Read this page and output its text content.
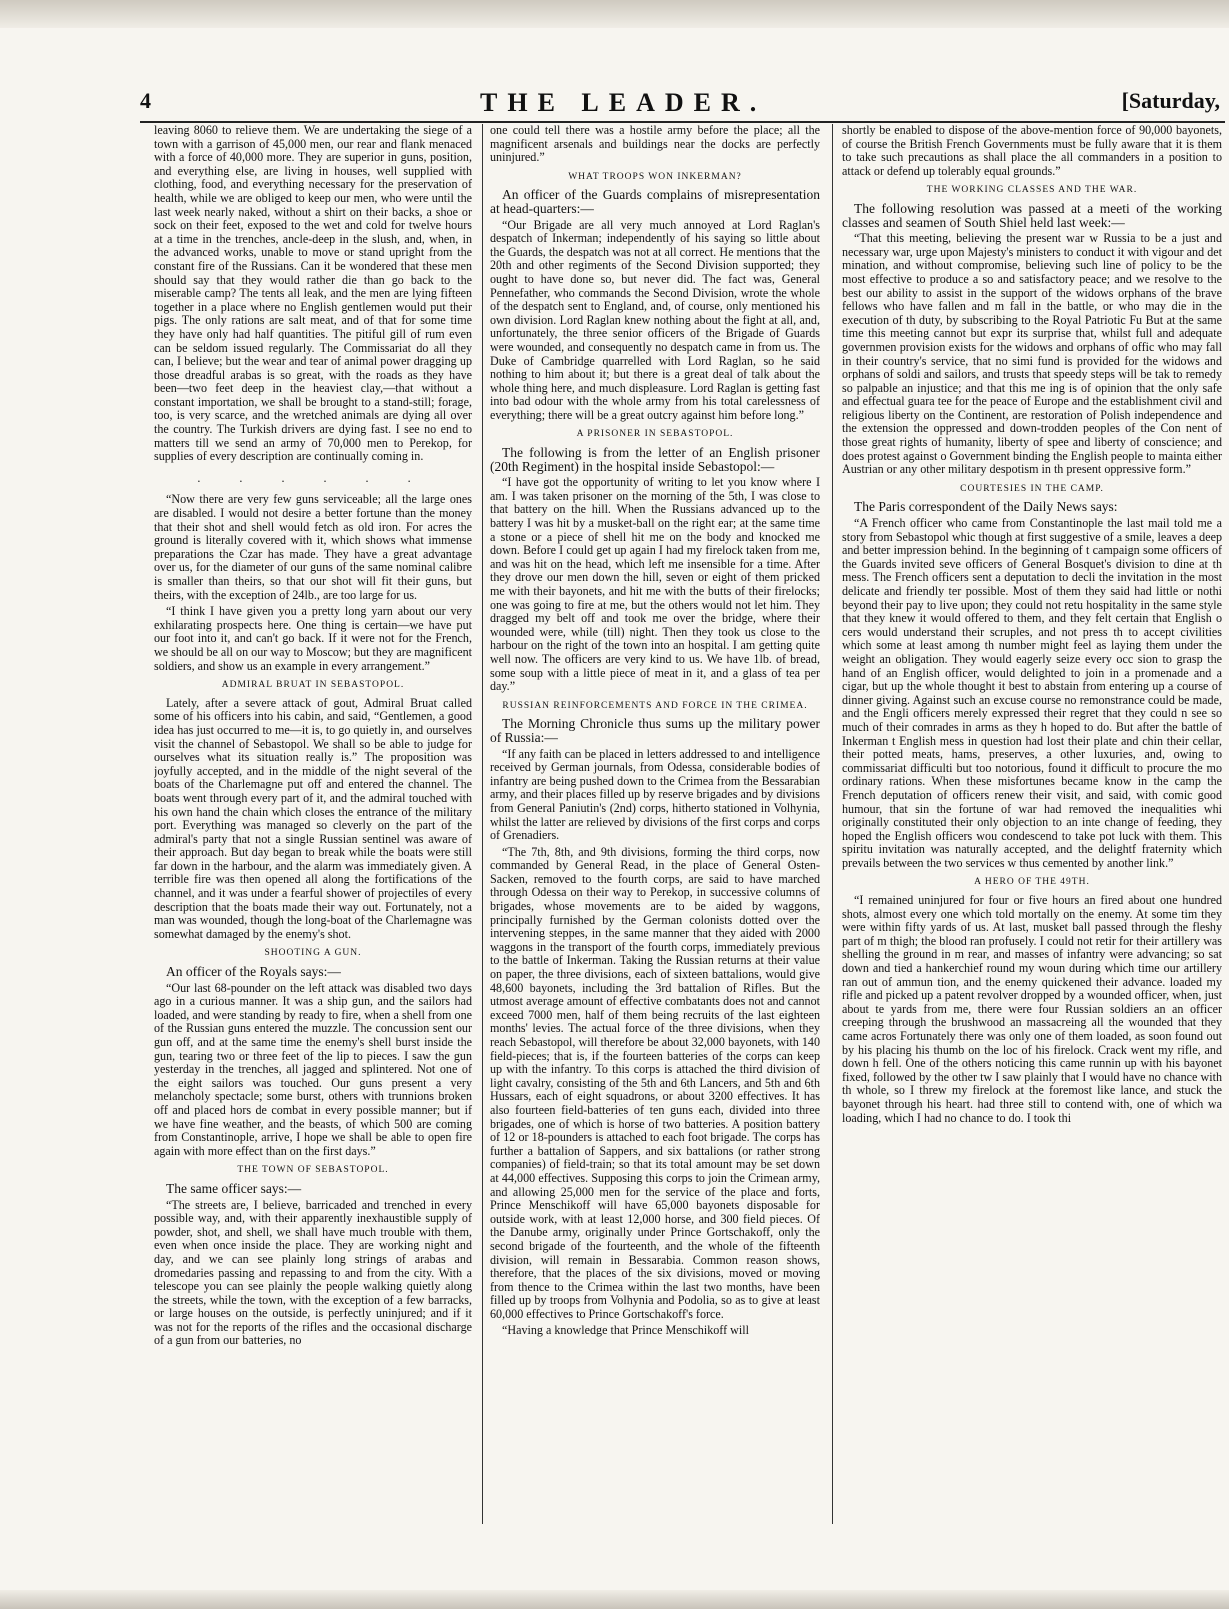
4	THE LEADER.	[Saturday,

leaving 8060 to relieve them. We are undertaking the siege of a town with a garrison of 45,000 men, our rear and flank menaced with a force of 40,000 more. They are superior in guns, position, and everything else, are living in houses, well supplied with clothing, food, and everything necessary for the preservation of health, while we are obliged to keep our men, who were until the last week nearly naked, without a shirt on their backs, a shoe or sock on their feet, exposed to the wet and cold for twelve hours at a time in the trenches, ancle-deep in the slush, and, when, in the advanced works, unable to move or stand upright from the constant fire of the Russians. Can it be wondered that these men should say that they would rather die than go back to the miserable camp? The tents all leak, and the men are lying fifteen together in a place where no English gentlemen would put their pigs. The only rations are salt meat, and of that for some time they have only had half quantities. The pitiful gill of rum even can be seldom issued regularly. The Commissariat do all they can, I believe; but the wear and tear of animal power dragging up those dreadful arabas is so great, with the roads as they have been—two feet deep in the heaviest clay,—that without a constant importation, we shall be brought to a stand-still; forage, too, is very scarce, and the wretched animals are dying all over the country. The Turkish drivers are dying fast. I see no end to matters till we send an army of 70,000 men to Perekop, for supplies of every description are continually coming in.

. . . . . .

“Now there are very few guns serviceable; all the large ones are disabled. I would not desire a better fortune than the money that their shot and shell would fetch as old iron. For acres the ground is literally covered with it, which shows what immense preparations the Czar has made. They have a great advantage over us, for the diameter of our guns of the same nominal calibre is smaller than theirs, so that our shot will fit their guns, but theirs, with the exception of 24lb., are too large for us.

“I think I have given you a pretty long yarn about our very exhilarating prospects here. One thing is certain—we have put our foot into it, and can't go back. If it were not for the French, we should be all on our way to Moscow; but they are magnificent soldiers, and show us an example in every arrangement.”

ADMIRAL BRUAT IN SEBASTOPOL.

Lately, after a severe attack of gout, Admiral Bruat called some of his officers into his cabin, and said, “Gentlemen, a good idea has just occurred to me—it is, to go quietly in, and ourselves visit the channel of Sebastopol. We shall so be able to judge for ourselves what its situation really is.” The proposition was joyfully accepted, and in the middle of the night several of the boats of the Charlemagne put off and entered the channel. The boats went through every part of it, and the admiral touched with his own hand the chain which closes the entrance of the military port. Everything was managed so cleverly on the part of the admiral's party that not a single Russian sentinel was aware of their approach. But day began to break while the boats were still far down in the harbour, and the alarm was immediately given. A terrible fire was then opened all along the fortifications of the channel, and it was under a fearful shower of projectiles of every description that the boats made their way out. Fortunately, not a man was wounded, though the long-boat of the Charlemagne was somewhat damaged by the enemy's shot.

SHOOTING A GUN.

An officer of the Royals says:—

“Our last 68-pounder on the left attack was disabled two days ago in a curious manner. It was a ship gun, and the sailors had loaded, and were standing by ready to fire, when a shell from one of the Russian guns entered the muzzle. The concussion sent our gun off, and at the same time the enemy's shell burst inside the gun, tearing two or three feet of the lip to pieces. I saw the gun yesterday in the trenches, all jagged and splintered. Not one of the eight sailors was touched. Our guns present a very melancholy spectacle; some burst, others with trunnions broken off and placed hors de combat in every possible manner; but if we have fine weather, and the beasts, of which 500 are coming from Constantinople, arrive, I hope we shall be able to open fire again with more effect than on the first days.”

THE TOWN OF SEBASTOPOL.

The same officer says:—

“The streets are, I believe, barricaded and trenched in every possible way, and, with their apparently inexhaustible supply of powder, shot, and shell, we shall have much trouble with them, even when once inside the place. They are working night and day, and we can see plainly long strings of arabas and dromedaries passing and repassing to and from the city. With a telescope you can see plainly the people walking quietly along the streets, while the town, with the exception of a few barracks, or large houses on the outside, is perfectly uninjured; and if it was not for the reports of the rifles and the occasional discharge of a gun from our batteries, no

one could tell there was a hostile army before the place; all the magnificent arsenals and buildings near the docks are perfectly uninjured.”

WHAT TROOPS WON INKERMAN?

An officer of the Guards complains of misrepresentation at head-quarters:—

“Our Brigade are all very much annoyed at Lord Raglan's despatch of Inkerman; independently of his saying so little about the Guards, the despatch was not at all correct. He mentions that the 20th and other regiments of the Second Division supported; they ought to have done so, but never did. The fact was, General Pennefather, who commands the Second Division, wrote the whole of the despatch sent to England, and, of course, only mentioned his own division. Lord Raglan knew nothing about the fight at all, and, unfortunately, the three senior officers of the Brigade of Guards were wounded, and consequently no despatch came in from us. The Duke of Cambridge quarrelled with Lord Raglan, so he said nothing to him about it; but there is a great deal of talk about the whole thing here, and much displeasure. Lord Raglan is getting fast into bad odour with the whole army from his total carelessness of everything; there will be a great outcry against him before long.”

A PRISONER IN SEBASTOPOL.

The following is from the letter of an English prisoner (20th Regiment) in the hospital inside Sebastopol:—

“I have got the opportunity of writing to let you know where I am. I was taken prisoner on the morning of the 5th, I was close to that battery on the hill. When the Russians advanced up to the battery I was hit by a musket-ball on the right ear; at the same time a stone or a piece of shell hit me on the body and knocked me down. Before I could get up again I had my firelock taken from me, and was hit on the head, which left me insensible for a time. After they drove our men down the hill, seven or eight of them pricked me with their bayonets, and hit me with the butts of their firelocks; one was going to fire at me, but the others would not let him. They dragged my belt off and took me over the bridge, where their wounded were, while (till) night. Then they took us close to the harbour on the right of the town into an hospital. I am getting quite well now. The officers are very kind to us. We have 1lb. of bread, some soup with a little piece of meat in it, and a glass of tea per day.”

RUSSIAN REINFORCEMENTS AND FORCE IN THE CRIMEA.

The Morning Chronicle thus sums up the military power of Russia:—

“If any faith can be placed in letters addressed to and intelligence received by German journals, from Odessa, considerable bodies of infantry are being pushed down to the Crimea from the Bessarabian army, and their places filled up by reserve brigades and by divisions from General Paniutin's (2nd) corps, hitherto stationed in Volhynia, whilst the latter are relieved by divisions of the first corps and corps of Grenadiers.

“The 7th, 8th, and 9th divisions, forming the third corps, now commanded by General Read, in the place of General Osten-Sacken, removed to the fourth corps, are said to have marched through Odessa on their way to Perekop, in successive columns of brigades, whose movements are to be aided by waggons, principally furnished by the German colonists dotted over the intervening steppes, in the same manner that they aided with 2000 waggons in the transport of the fourth corps, immediately previous to the battle of Inkerman. Taking the Russian returns at their value on paper, the three divisions, each of sixteen battalions, would give 48,600 bayonets, including the 3rd battalion of Rifles. But the utmost average amount of effective combatants does not and cannot exceed 7000 men, half of them being recruits of the last eighteen months' levies. The actual force of the three divisions, when they reach Sebastopol, will therefore be about 32,000 bayonets, with 140 field-pieces; that is, if the fourteen batteries of the corps can keep up with the infantry. To this corps is attached the third division of light cavalry, consisting of the 5th and 6th Lancers, and 5th and 6th Hussars, each of eight squadrons, or about 3200 effectives. It has also fourteen field-batteries of ten guns each, divided into three brigades, one of which is horse of two batteries. A position battery of 12 or 18-pounders is attached to each foot brigade. The corps has further a battalion of Sappers, and six battalions (or rather strong companies) of field-train; so that its total amount may be set down at 44,000 effectives. Supposing this corps to join the Crimean army, and allowing 25,000 men for the service of the place and forts, Prince Menschikoff will have 65,000 bayonets disposable for outside work, with at least 12,000 horse, and 300 field pieces. Of the Danube army, originally under Prince Gortschakoff, only the second brigade of the fourteenth, and the whole of the fifteenth division, will remain in Bessarabia. Common reason shows, therefore, that the places of the six divisions, moved or moving from thence to the Crimea within the last two months, have been filled up by troops from Volhynia and Podolia, so as to give at least 60,000 effectives to Prince Gortschakoff's force.

“Having a knowledge that Prince Menschikoff will

shortly be enabled to dispose of the above-mention force of 90,000 bayonets, of course the British French Governments must be fully aware that it is them to take such precautions as shall place the all commanders in a position to attack or defend up tolerably equal grounds.”

THE WORKING CLASSES AND THE WAR.

The following resolution was passed at a meeti of the working classes and seamen of South Shiel held last week:—

“That this meeting, believing the present war w Russia to be a just and necessary war, urge upon Majesty's ministers to conduct it with vigour and det mination, and without compromise, believing such line of policy to be the most effective to produce a so and satisfactory peace; and we resolve to the best our ability to assist in the support of the widows orphans of the brave fellows who have fallen and m fall in the battle, or who may die in the execution of th duty, by subscribing to the Royal Patriotic Fu But at the same time this meeting cannot but expr its surprise that, whilst full and adequate governmen provision exists for the widows and orphans of offic who may fall in their country's service, that no simi fund is provided for the widows and orphans of soldi and sailors, and trusts that speedy steps will be tak to remedy so palpable an injustice; and that this me ing is of opinion that the only safe and effectual guara tee for the peace of Europe and the establishment civil and religious liberty on the Continent, are restoration of Polish independence and the extension the oppressed and down-trodden peoples of the Con nent of those great rights of humanity, liberty of spee and liberty of conscience; and does protest against o Government binding the English people to mainta either Austrian or any other military despotism in th present oppressive form.”

COURTESIES IN THE CAMP.

The Paris correspondent of the Daily News says:

“A French officer who came from Constantinople the last mail told me a story from Sebastopol whic though at first suggestive of a smile, leaves a deep and better impression behind. In the beginning of t campaign some officers of the Guards invited seve officers of General Bosquet's division to dine at th mess. The French officers sent a deputation to decli the invitation in the most delicate and friendly ter possible. Most of them they said had little or nothi beyond their pay to live upon; they could not retu hospitality in the same style that they knew it would offered to them, and they felt certain that English o cers would understand their scruples, and not press th to accept civilities which some at least among th number might feel as laying them under the weight an obligation. They would eagerly seize every occ sion to grasp the hand of an English officer, would delighted to join in a promenade and a cigar, but up the whole thought it best to abstain from entering up a course of dinner giving. Against such an excuse course no remonstrance could be made, and the Engli officers merely expressed their regret that they could n see so much of their comrades in arms as they h hoped to do. But after the battle of Inkerman t English mess in question had lost their plate and chin their cellar, their potted meats, hams, preserves, a other luxuries, and, owing to commissariat difficulti but too notorious, found it difficult to procure the mo ordinary rations. When these misfortunes became know in the camp the French deputation of officers renew their visit, and said, with comic good humour, that sin the fortune of war had removed the inequalities whi originally constituted their only objection to an inte change of feeding, they hoped the English officers wou condescend to take pot luck with them. This spiritu invitation was naturally accepted, and the delightf fraternity which prevails between the two services w thus cemented by another link.”

A HERO OF THE 49TH.

“I remained uninjured for four or five hours an fired about one hundred shots, almost every one which told mortally on the enemy. At some tim they were within fifty yards of us. At last, musket ball passed through the fleshy part of m thigh; the blood ran profusely. I could not retir for their artillery was shelling the ground in m rear, and masses of infantry were advancing; so sat down and tied a hankerchief round my woun during which time our artillery ran out of ammun tion, and the enemy quickened their advance. loaded my rifle and picked up a patent revolver dropped by a wounded officer, when, just about te yards from me, there were four Russian soldiers an an officer creeping through the brushwood an massacreing all the wounded that they came acros Fortunately there was only one of them loaded, as soon found out by his placing his thumb on the loc of his firelock. Crack went my rifle, and down h fell. One of the others noticing this came runnin up with his bayonet fixed, followed by the other tw I saw plainly that I would have no chance with th whole, so I threw my firelock at the foremost like lance, and stuck the bayonet through his heart. had three still to contend with, one of which wa loading, which I had no chance to do. I took thi
